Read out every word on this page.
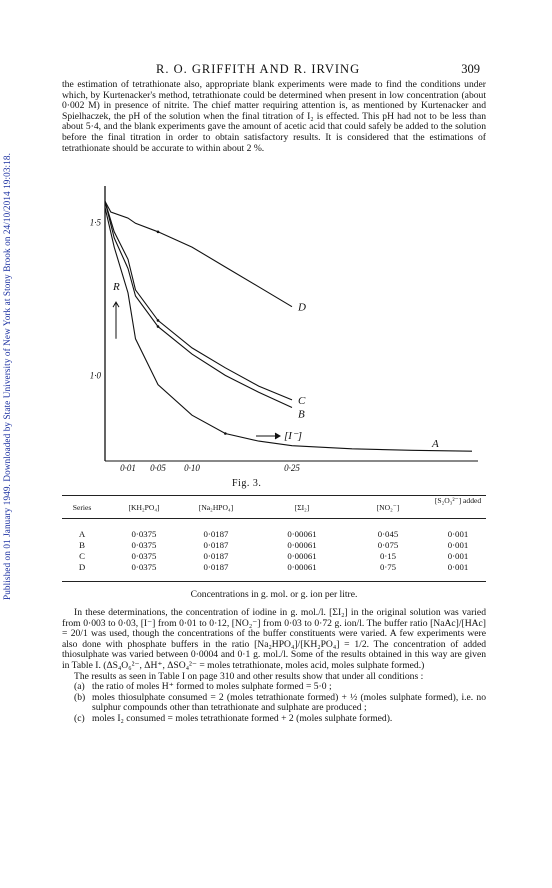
Published on 01 January 1949. Downloaded by State University of New York at Stony Brook on 24/10/2014 19:03:18.
R. O. GRIFFITH AND R. IRVING	309
the estimation of tetrathionate also, appropriate blank experiments were made to find the conditions under which, by Kurtenacker's method, tetrathionate could be determined when present in low concentration (about 0·002 M) in presence of nitrite. The chief matter requiring attention is, as mentioned by Kurtenacker and Spielhaczek, the pH of the solution when the final titration of I₂ is effected. This pH had not to be less than about 5·4, and the blank experiments gave the amount of acetic acid that could safely be added to the solution before the final titration in order to obtain satisfactory results. It is considered that the estimations of tetrathionate should be accurate to within about 2 %.
D
C
B
A
1·5
1·0
0·01 0·05 0·10	0·25
R
[I⁻]
Fig. 3.
Series	[KH₂PO₄]	[Na₂HPO₄]	[ΣI₂]	[NO₂⁻]
[S₂O₃²⁻] added
A	0·0375	0·0187	0·00061	0·045	0·001
B	0·0375	0·0187	0·00061	0·075	0·001
C	0·0375	0·0187	0·00061	0·15	0·001
D	0·0375	0·0187	0·00061	0·75	0·001
Concentrations in g. mol. or g. ion per litre.

In these determinations, the concentration of iodine in g. mol./l. [ΣI₂] in the original solution was varied from 0·003 to 0·03, [I⁻] from 0·01 to 0·12, [NO₂⁻] from 0·03 to 0·72 g. ion/l. The buffer ratio [NaAc]/[HAc] = 20/1 was used, though the concentrations of the buffer constituents were varied. A few experiments were also done with phosphate buffers in the ratio [Na₂HPO₄]/[KH₂PO₄] = 1/2. The concentration of added thiosulphate was varied between 0·0004 and 0·1 g. mol./l. Some of the results obtained in this way are given in Table I. (ΔS₄O₆²⁻, ΔH⁺, ΔSO₄²⁻ = moles tetrathionate, moles acid, moles sulphate formed.)

The results as seen in Table I on page 310 and other results show that under all conditions :

(a) the ratio of moles H⁺ formed to moles sulphate formed = 5·0 ;
(b) moles thiosulphate consumed = 2 (moles tetrathionate formed) + ½ (moles sulphate formed), i.e. no sulphur compounds other than tetrathionate and sulphate are produced ;
(c) moles I₂ consumed = moles tetrathionate formed + 2 (moles sulphate formed).
